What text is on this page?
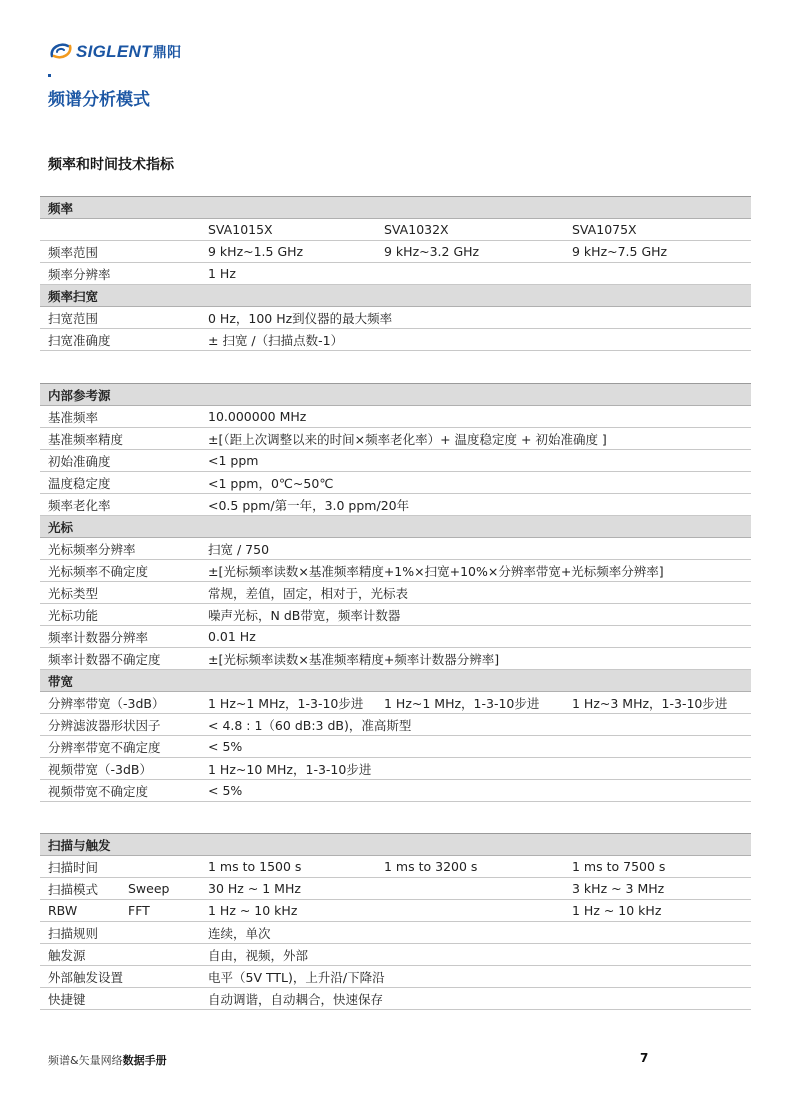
SIGLENT鼎阳
频谱分析模式
频率和时间技术指标
频率			
	SVA1015X	SVA1032X	SVA1075X
频率范围	9 kHz~1.5 GHz	9 kHz~3.2 GHz	9 kHz~7.5 GHz
频率分辨率	1 Hz		
频率扫宽			
扫宽范围	0 Hz，100 Hz到仪器的最大频率		
扫宽准确度	± 扫宽 /（扫描点数-1）		
内部参考源			
基准频率	10.000000 MHz		
基准频率精度	±[（距上次调整以来的时间×频率老化率）+ 温度稳定度 + 初始准确度 ]		
初始准确度	<1 ppm		
温度稳定度	<1 ppm，0℃~50℃		
频率老化率	<0.5 ppm/第一年，3.0 ppm/20年		
光标			
光标频率分辨率	扫宽 / 750		
光标频率不确定度	±[光标频率读数×基准频率精度+1%×扫宽+10%×分辨率带宽+光标频率分辨率]		
光标类型	常规，差值，固定，相对于，光标表		
光标功能	噪声光标，N dB带宽，频率计数器		
频率计数器分辨率	0.01 Hz		
频率计数器不确定度	±[光标频率读数×基准频率精度+频率计数器分辨率]		
带宽			
分辨率带宽（-3dB）	1 Hz~1 MHz，1-3-10步进	1 Hz~1 MHz，1-3-10步进	1 Hz~3 MHz，1-3-10步进
分辨滤波器形状因子	< 4.8 : 1（60 dB:3 dB)，准高斯型		
分辨率带宽不确定度	< 5%		
视频带宽（-3dB）	1 Hz~10 MHz，1-3-10步进		
视频带宽不确定度	< 5%		
扫描与触发				
扫描时间		1 ms to 1500 s	1 ms to 3200 s	1 ms to 7500 s
扫描模式	Sweep	30 Hz ~ 1 MHz		3 kHz ~ 3 MHz
RBW	FFT	1 Hz ~ 10 kHz		1 Hz ~ 10 kHz
扫描规则		连续，单次		
触发源		自由，视频，外部		
外部触发设置		电平（5V TTL)，上升沿/下降沿		
快捷键		自动调谐，自动耦合，快速保存		
频谱&矢量网络数据手册	7
